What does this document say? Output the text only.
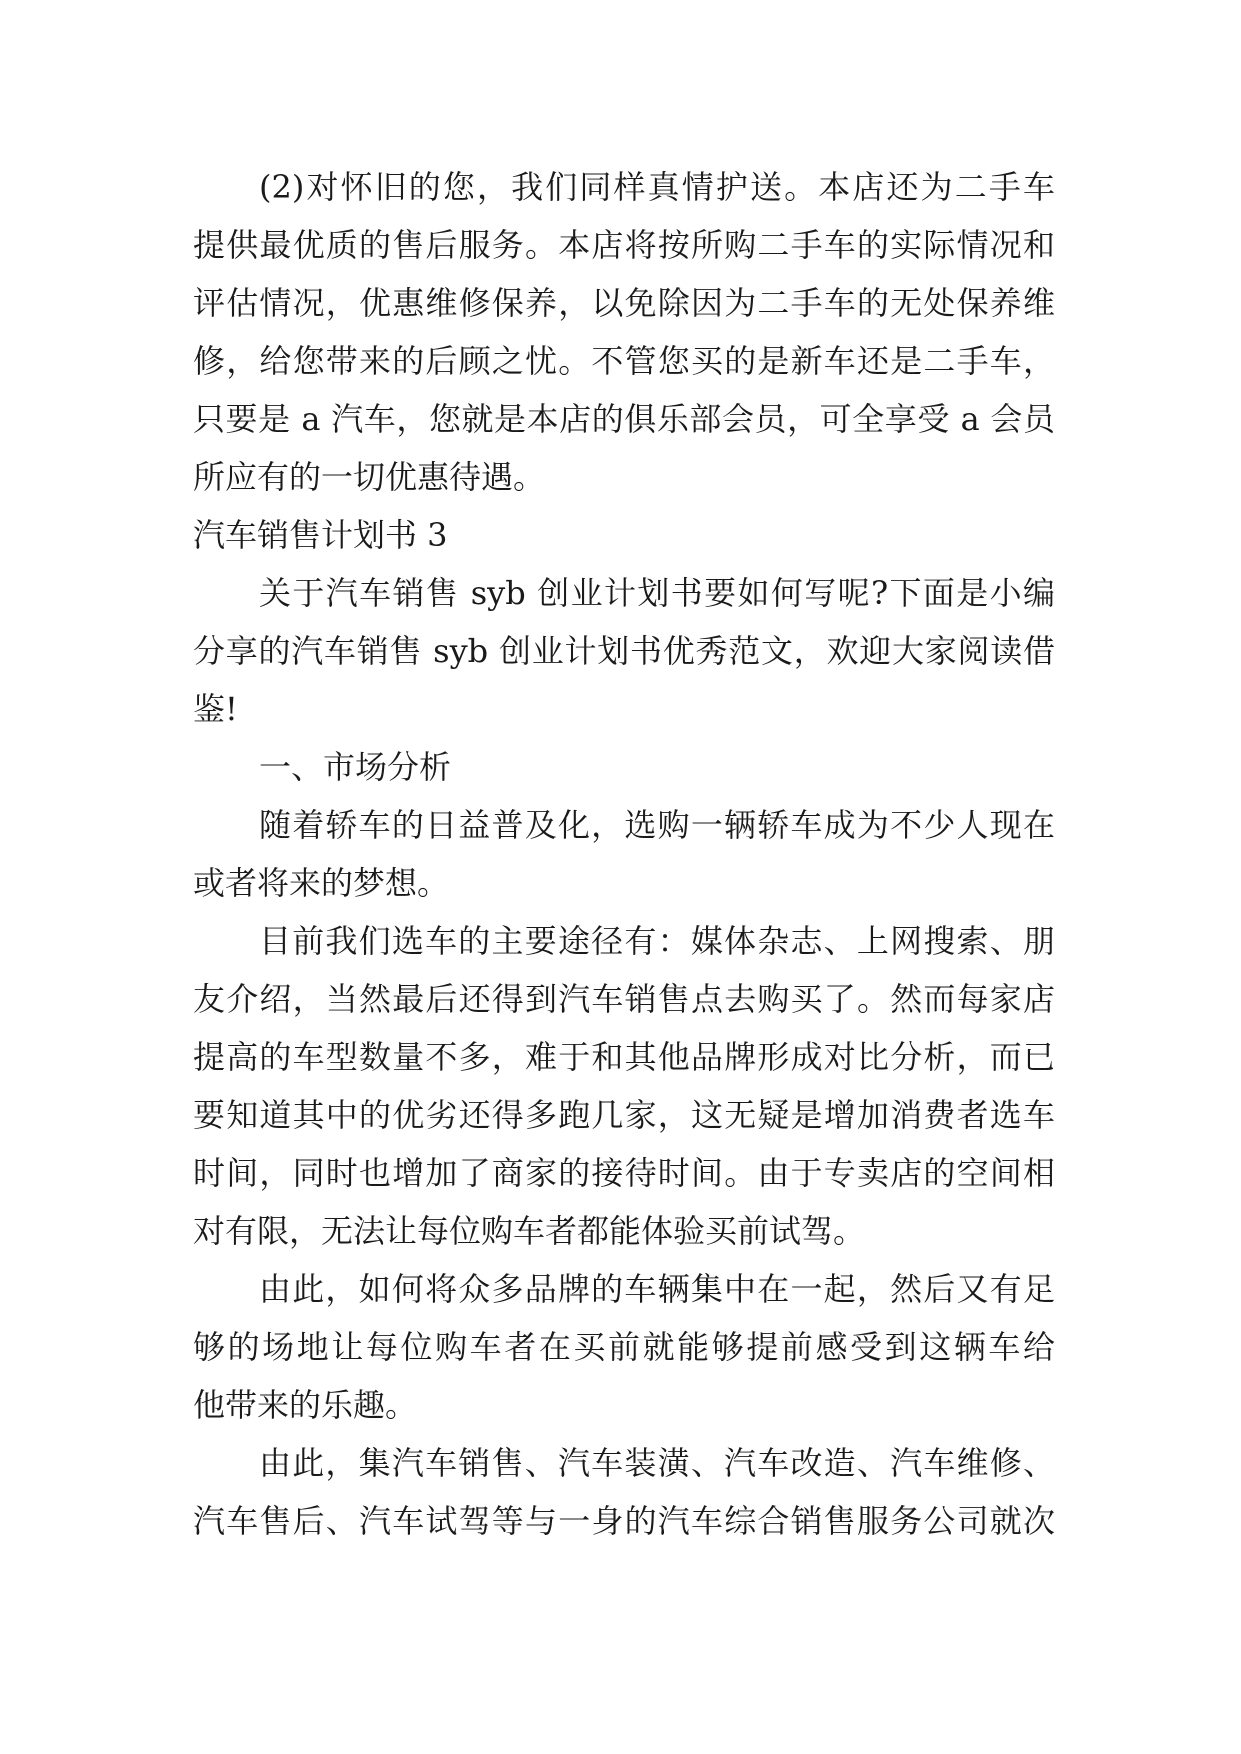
(2)对怀旧的您，我们同样真情护送。本店还为二手车
提供最优质的售后服务。本店将按所购二手车的实际情况和
评估情况，优惠维修保养，以免除因为二手车的无处保养维
修，给您带来的后顾之忧。不管您买的是新车还是二手车，
只要是 a 汽车，您就是本店的俱乐部会员，可全享受 a 会员
所应有的一切优惠待遇。
汽车销售计划书 3
关于汽车销售 syb 创业计划书要如何写呢?下面是小编
分享的汽车销售 syb 创业计划书优秀范文，欢迎大家阅读借
鉴!
一、市场分析
随着轿车的日益普及化，选购一辆轿车成为不少人现在
或者将来的梦想。
目前我们选车的主要途径有：媒体杂志、上网搜索、朋
友介绍，当然最后还得到汽车销售点去购买了。然而每家店
提高的车型数量不多，难于和其他品牌形成对比分析，而已
要知道其中的优劣还得多跑几家，这无疑是增加消费者选车
时间，同时也增加了商家的接待时间。由于专卖店的空间相
对有限，无法让每位购车者都能体验买前试驾。
由此，如何将众多品牌的车辆集中在一起，然后又有足
够的场地让每位购车者在买前就能够提前感受到这辆车给
他带来的乐趣。
由此，集汽车销售、汽车装潢、汽车改造、汽车维修、
汽车售后、汽车试驾等与一身的汽车综合销售服务公司就次
